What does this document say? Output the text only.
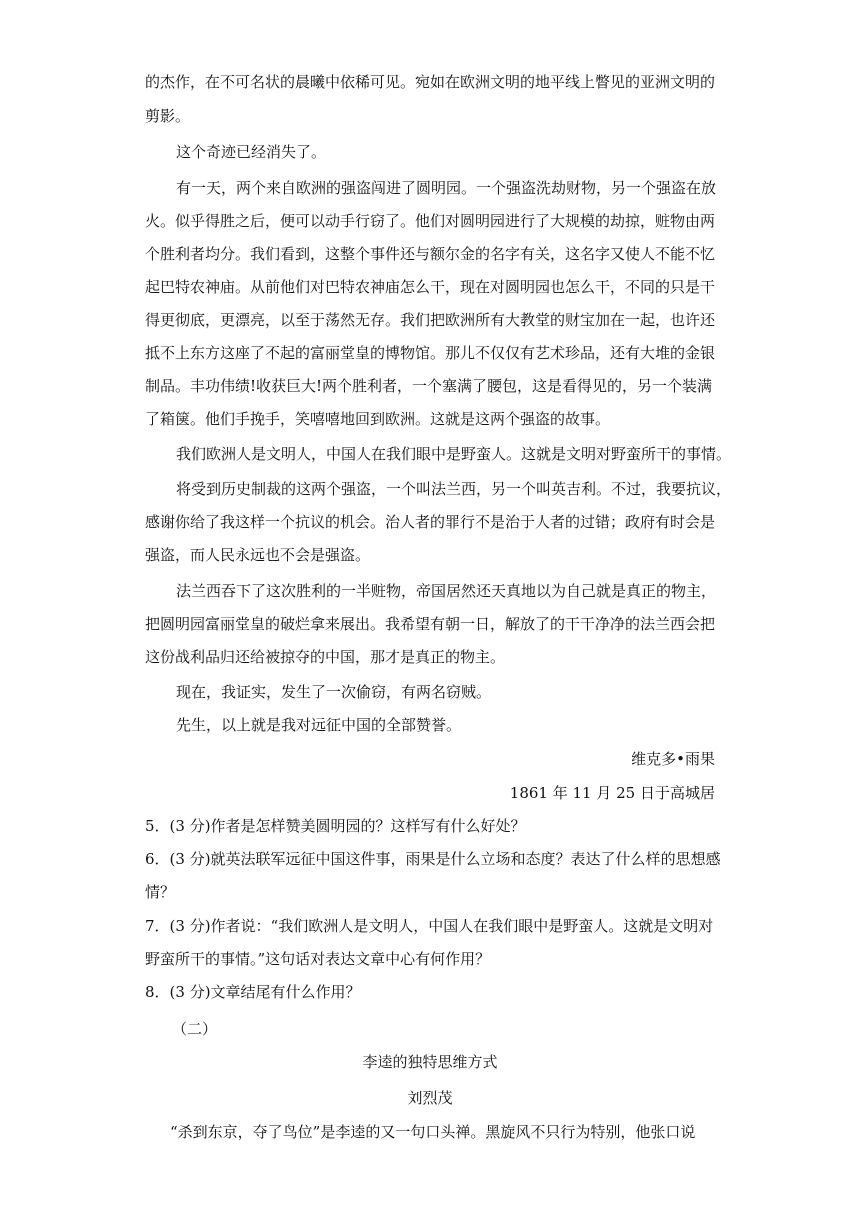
的杰作，在不可名状的晨曦中依稀可见。宛如在欧洲文明的地平线上瞥见的亚洲文明的
剪影。
这个奇迹已经消失了。
有一天，两个来自欧洲的强盗闯进了圆明园。一个强盗洗劫财物，另一个强盗在放
火。似乎得胜之后，便可以动手行窃了。他们对圆明园进行了大规模的劫掠，赃物由两
个胜利者均分。我们看到，这整个事件还与额尔金的名字有关，这名字又使人不能不忆
起巴特农神庙。从前他们对巴特农神庙怎么干，现在对圆明园也怎么干，不同的只是干
得更彻底，更漂亮，以至于荡然无存。我们把欧洲所有大教堂的财宝加在一起，也许还
抵不上东方这座了不起的富丽堂皇的博物馆。那儿不仅仅有艺术珍品，还有大堆的金银
制品。丰功伟绩!收获巨大!两个胜利者，一个塞满了腰包，这是看得见的，另一个装满
了箱箧。他们手挽手，笑嘻嘻地回到欧洲。这就是这两个强盗的故事。
我们欧洲人是文明人，中国人在我们眼中是野蛮人。这就是文明对野蛮所干的事情。
将受到历史制裁的这两个强盗，一个叫法兰西，另一个叫英吉利。不过，我要抗议，
感谢你给了我这样一个抗议的机会。治人者的罪行不是治于人者的过错；政府有时会是
强盗，而人民永远也不会是强盗。
法兰西吞下了这次胜利的一半赃物，帝国居然还天真地以为自己就是真正的物主，
把圆明园富丽堂皇的破烂拿来展出。我希望有朝一日，解放了的干干净净的法兰西会把
这份战利品归还给被掠夺的中国，那才是真正的物主。
现在，我证实，发生了一次偷窃，有两名窃贼。
先生，以上就是我对远征中国的全部赞誉。
维克多•雨果
1861 年 11 月 25 日于高城居
5．(3 分)作者是怎样赞美圆明园的？这样写有什么好处？
6．(3 分)就英法联军远征中国这件事，雨果是什么立场和态度？表达了什么样的思想感
情？
7．(3 分)作者说：“我们欧洲人是文明人，中国人在我们眼中是野蛮人。这就是文明对
野蛮所干的事情。”这句话对表达文章中心有何作用？
8．(3 分)文章结尾有什么作用？
（二）
李逵的独特思维方式
刘烈茂
“杀到东京，夺了鸟位”是李逵的又一句口头禅。黑旋风不只行为特别，他张口说
